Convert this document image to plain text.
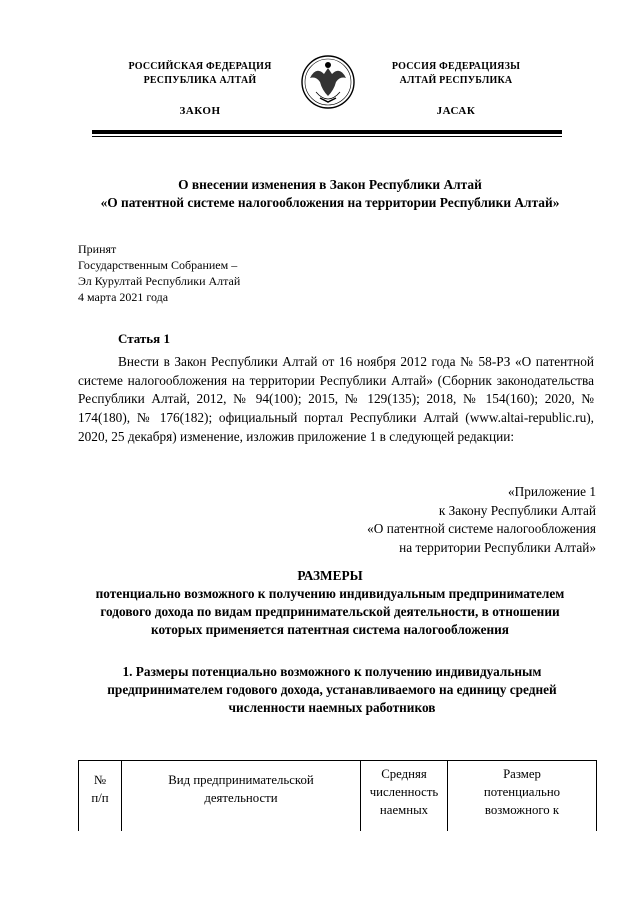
РОССИЙСКАЯ ФЕДЕРАЦИЯ
РЕСПУБЛИКА АЛТАЙ
ЗАКОН
РОССИЯ ФЕДЕРАЦИЯЗЫ
АЛТАЙ РЕСПУБЛИКА
JАСАК
О внесении изменения в Закон Республики Алтай
«О патентной системе налогообложения на территории Республики Алтай»
Принят
Государственным Собранием –
Эл Курултай Республики Алтай
4 марта 2021 года
Статья 1

Внести в Закон Республики Алтай от 16 ноября 2012 года № 58-РЗ «О патентной системе налогообложения на территории Республики Алтай» (Сборник законодательства Республики Алтай, 2012, № 94(100); 2015, № 129(135); 2018, № 154(160); 2020, № 174(180), № 176(182); официальный портал Республики Алтай (www.altai-republic.ru), 2020, 25 декабря) изменение, изложив приложение 1 в следующей редакции:

«Приложение 1
к Закону Республики Алтай
«О патентной системе налогообложения
на территории Республики Алтай»
РАЗМЕРЫ

потенциально возможного к получению индивидуальным предпринимателем годового дохода по видам предпринимательской деятельности, в отношении которых применяется патентная система налогообложения

1. Размеры потенциально возможного к получению индивидуальным предпринимателем годового дохода, устанавливаемого на единицу средней численности наемных работников

№
п/п

Вид предпринимательской
деятельности

Средняя
численность
наемных

Размер
потенциально
возможного к
